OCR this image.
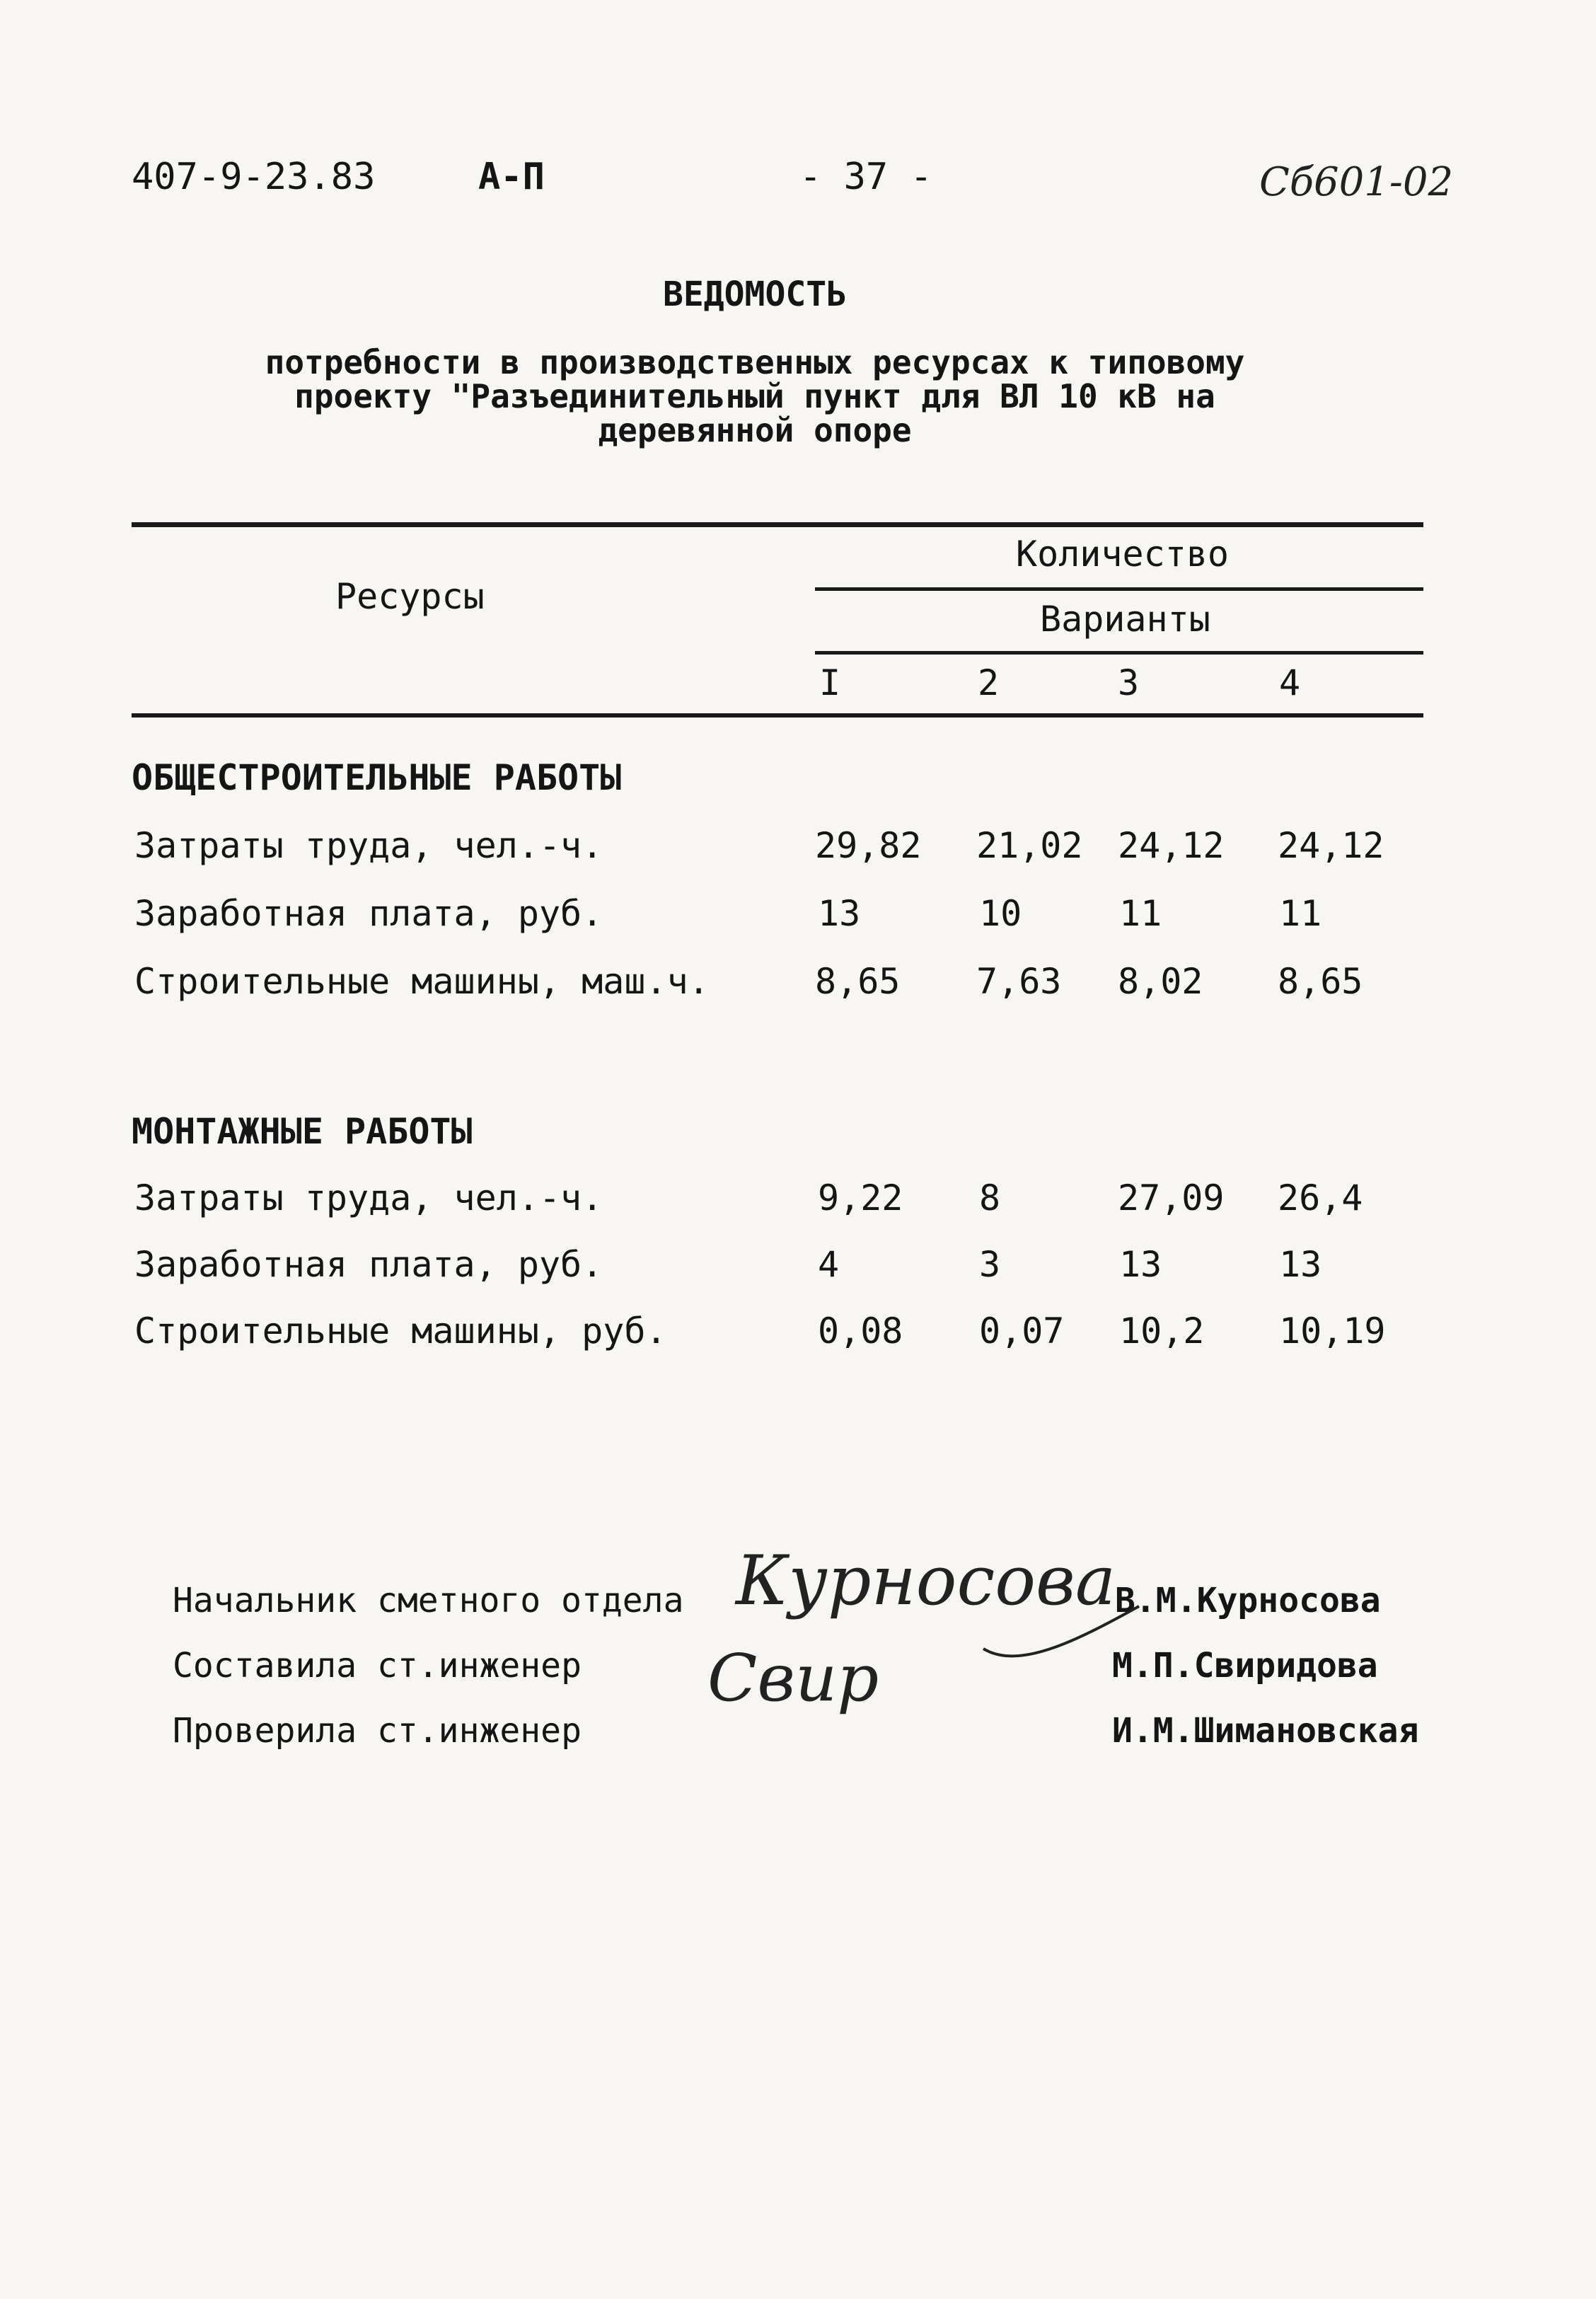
407-9-23.83	А-П	- 37 -	Сб601-02
ВЕДОМОСТЬ
потребности в производственных ресурсах к типовому
проекту "Разъединительный пункт для ВЛ 10 кВ на
деревянной опоре
Ресурсы
Количество
Варианты
I	2	3	4
ОБЩЕСТРОИТЕЛЬНЫЕ РАБОТЫ
Затраты труда, чел.-ч.	29,82 21,02 24,12 24,12
Заработная плата, руб.	13	10	11	11
Строительные машины, маш.ч.	8,65 7,63 8,02 8,65
МОНТАЖНЫЕ РАБОТЫ
Затраты труда, чел.-ч.	9,22 8	27,09 26,4
Заработная плата, руб.	4	3	13	13
Строительные машины, руб.	0,08 0,07 10,2 10,19
Начальник сметного отдела
Составила ст.инженер
Проверила ст.инженер
В.М.Курносова
М.П.Свиридова
И.М.Шимановская
Курносова
Свир
